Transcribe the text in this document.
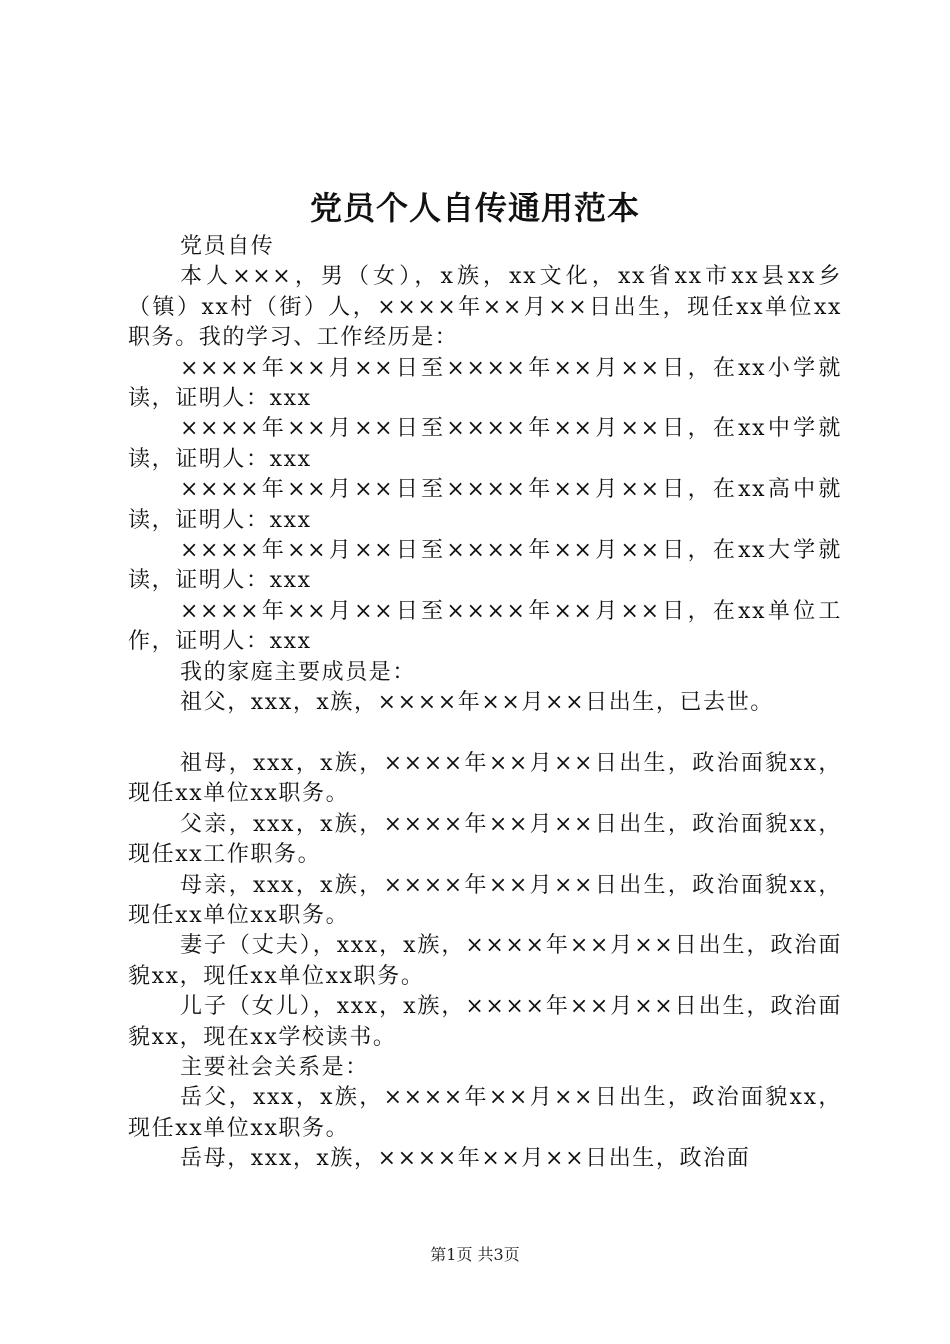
党员个人自传通用范本

党员自传

本人×××，男（女），x族，xx文化，xx省xx市xx县xx乡（镇）xx村（街）人，××××年××月××日出生，现任xx单位xx职务。我的学习、工作经历是：

××××年××月××日至××××年××月××日，在xx小学就读，证明人：xxx

××××年××月××日至××××年××月××日，在xx中学就读，证明人：xxx

××××年××月××日至××××年××月××日，在xx高中就读，证明人：xxx

××××年××月××日至××××年××月××日，在xx大学就读，证明人：xxx

××××年××月××日至××××年××月××日，在xx单位工作，证明人：xxx

我的家庭主要成员是：

祖父，xxx，x族，××××年××月××日出生，已去世。

祖母，xxx，x族，××××年××月××日出生，政治面貌xx，现任xx单位xx职务。

父亲，xxx，x族，××××年××月××日出生，政治面貌xx，现任xx工作职务。

母亲，xxx，x族，××××年××月××日出生，政治面貌xx，现任xx单位xx职务。

妻子（丈夫），xxx，x族，××××年××月××日出生，政治面貌xx，现任xx单位xx职务。

儿子（女儿），xxx，x族，××××年××月××日出生，政治面貌xx，现在xx学校读书。

主要社会关系是：

岳父，xxx，x族，××××年××月××日出生，政治面貌xx，现任xx单位xx职务。

岳母，xxx，x族，××××年××月××日出生，政治面

第1页 共3页
